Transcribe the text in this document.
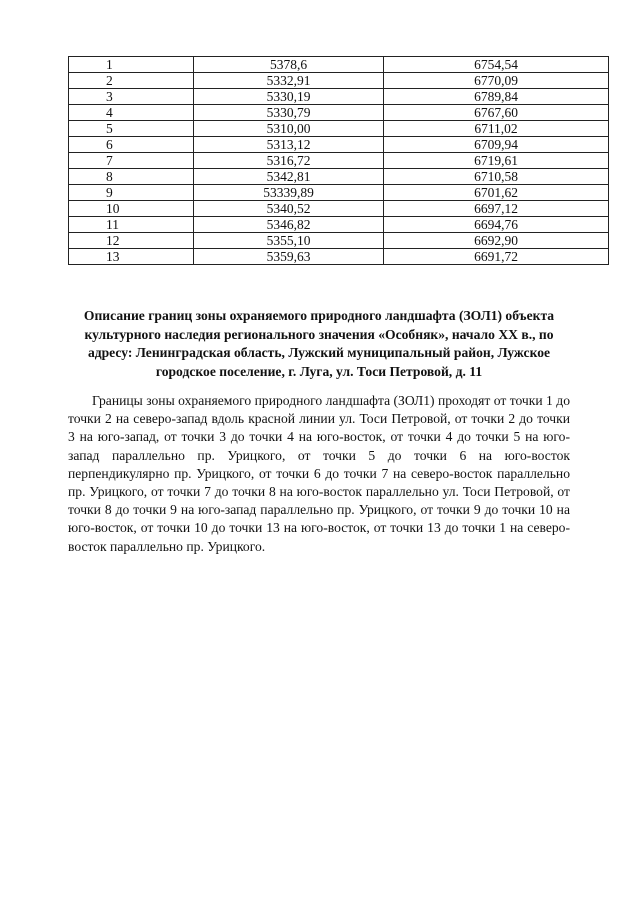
1	5378,6	6754,54
2	5332,91	6770,09
3	5330,19	6789,84
4	5330,79	6767,60
5	5310,00	6711,02
6	5313,12	6709,94
7	5316,72	6719,61
8	5342,81	6710,58
9	53339,89	6701,62
10	5340,52	6697,12
11	5346,82	6694,76
12	5355,10	6692,90
13	5359,63	6691,72
Описание границ зоны охраняемого природного ландшафта (ЗОЛ1) объекта культурного наследия регионального значения «Особняк», начало XX в., по адресу: Ленинградская область, Лужский муниципальный район, Лужское городское поселение, г. Луга, ул. Тоси Петровой, д. 11

Границы зоны охраняемого природного ландшафта (ЗОЛ1) проходят от точки 1 до точки 2 на северо-запад вдоль красной линии ул. Тоси Петровой, от точки 2 до точки 3 на юго-запад, от точки 3 до точки 4 на юго-восток, от точки 4 до точки 5 на юго-запад параллельно пр. Урицкого, от точки 5 до точки 6 на юго-восток перпендикулярно пр. Урицкого, от точки 6 до точки 7 на северо-восток параллельно пр. Урицкого, от точки 7 до точки 8 на юго-восток параллельно ул. Тоси Петровой, от точки 8 до точки 9 на юго-запад параллельно пр. Урицкого, от точки 9 до точки 10 на юго-восток, от точки 10 до точки 13 на юго-восток, от точки 13 до точки 1 на северо-восток параллельно пр. Урицкого.
